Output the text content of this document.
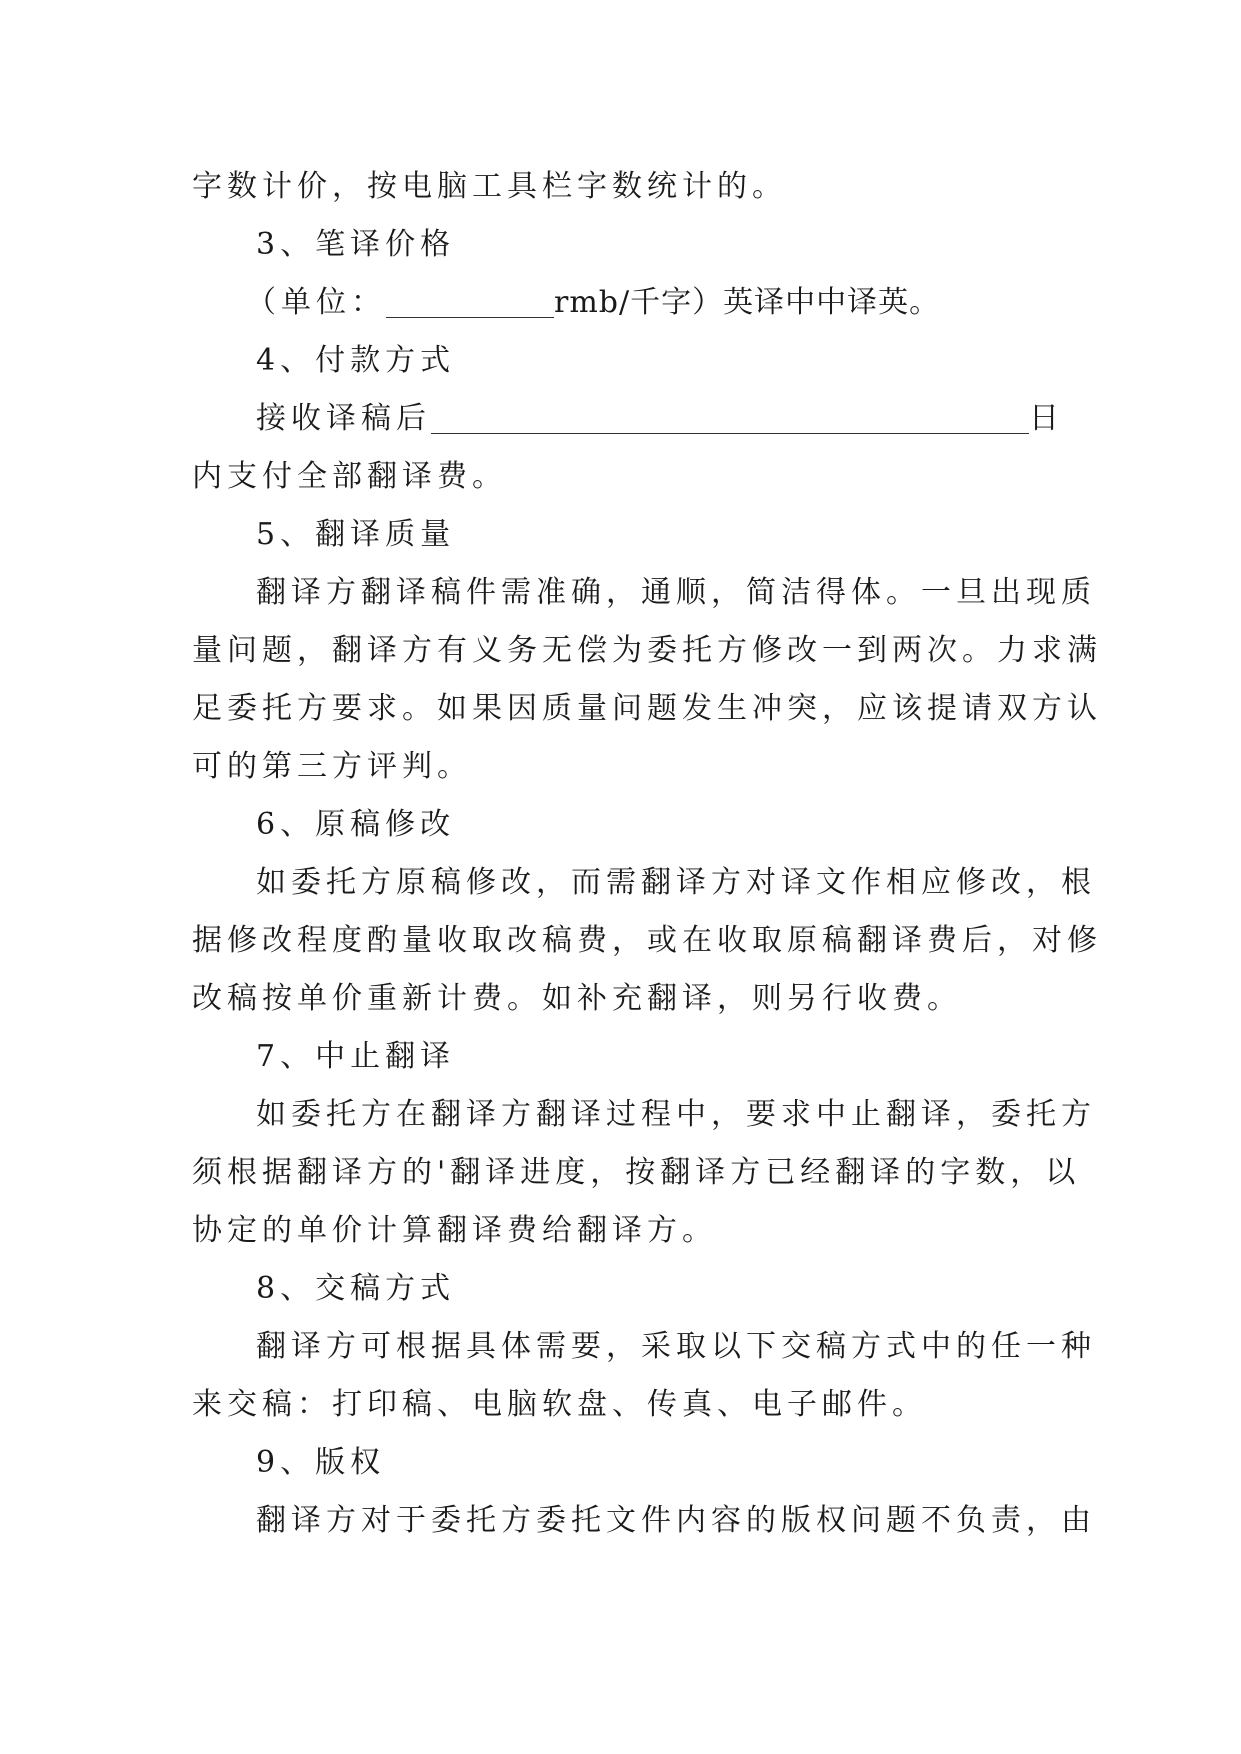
字数计价，按电脑工具栏字数统计的。
3、笔译价格
（单位：	rmb/千字）英译中中译英。
4、付款方式
接收译稿后	日
内支付全部翻译费。
5、翻译质量
翻译方翻译稿件需准确，通顺，简洁得体。一旦出现质
量问题，翻译方有义务无偿为委托方修改一到两次。力求满
足委托方要求。如果因质量问题发生冲突，应该提请双方认
可的第三方评判。
6、原稿修改
如委托方原稿修改，而需翻译方对译文作相应修改，根
据修改程度酌量收取改稿费，或在收取原稿翻译费后，对修
改稿按单价重新计费。如补充翻译，则另行收费。
7、中止翻译
如委托方在翻译方翻译过程中，要求中止翻译，委托方
须根据翻译方的'翻译进度，按翻译方已经翻译的字数，以
协定的单价计算翻译费给翻译方。
8、交稿方式
翻译方可根据具体需要，采取以下交稿方式中的任一种
来交稿：打印稿、电脑软盘、传真、电子邮件。
9、版权
翻译方对于委托方委托文件内容的版权问题不负责，由
